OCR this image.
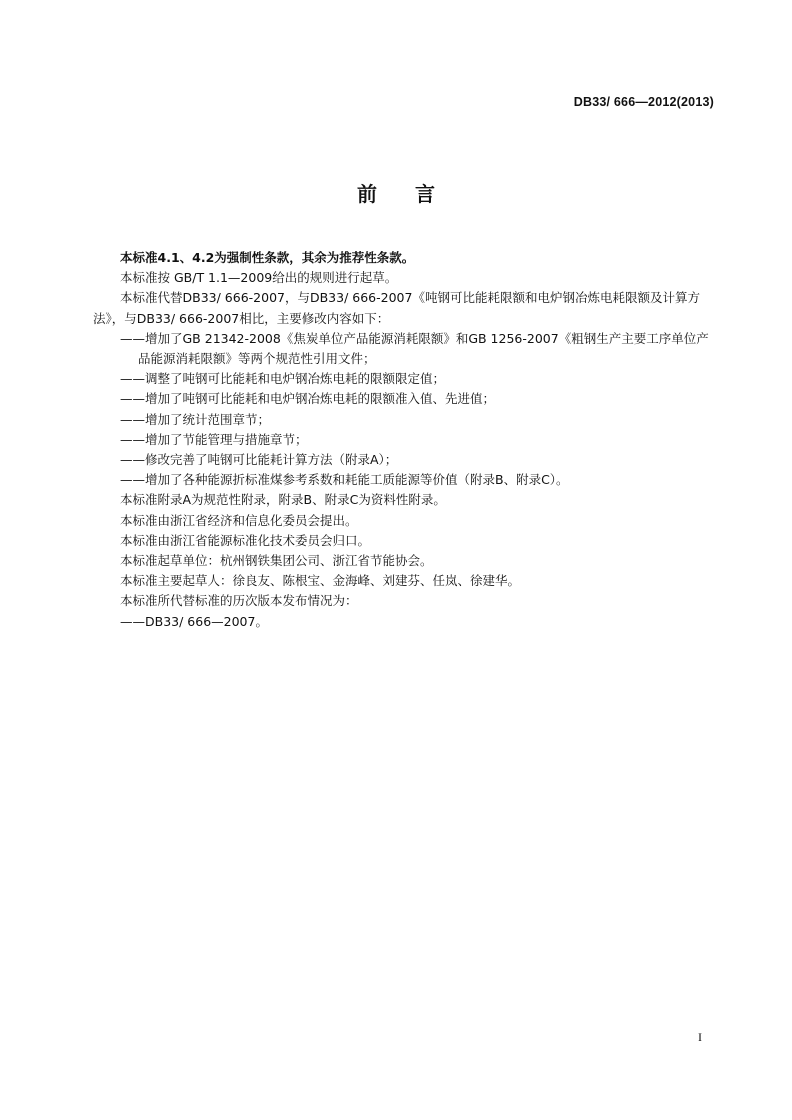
DB33/ 666—2012(2013)
前言

本标准4.1、4.2为强制性条款，其余为推荐性条款。

本标准按 GB/T 1.1—2009给出的规则进行起草。

本标准代替DB33/ 666-2007，与DB33/ 666-2007《吨钢可比能耗限额和电炉钢冶炼电耗限额及计算方法》，与DB33/ 666-2007相比，主要修改内容如下：

——增加了GB 21342-2008《焦炭单位产品能源消耗限额》和GB 1256-2007《粗钢生产主要工序单位产品能源消耗限额》等两个规范性引用文件；

——调整了吨钢可比能耗和电炉钢冶炼电耗的限额限定值；

——增加了吨钢可比能耗和电炉钢冶炼电耗的限额准入值、先进值；

——增加了统计范围章节；

——增加了节能管理与措施章节；

——修改完善了吨钢可比能耗计算方法（附录A）；

——增加了各种能源折标准煤参考系数和耗能工质能源等价值（附录B、附录C）。

本标准附录A为规范性附录，附录B、附录C为资料性附录。

本标准由浙江省经济和信息化委员会提出。

本标准由浙江省能源标准化技术委员会归口。

本标准起草单位：杭州钢铁集团公司、浙江省节能协会。

本标准主要起草人：徐良友、陈根宝、金海峰、刘建芬、任岚、徐建华。

本标准所代替标准的历次版本发布情况为：

——DB33/ 666—2007。

I
